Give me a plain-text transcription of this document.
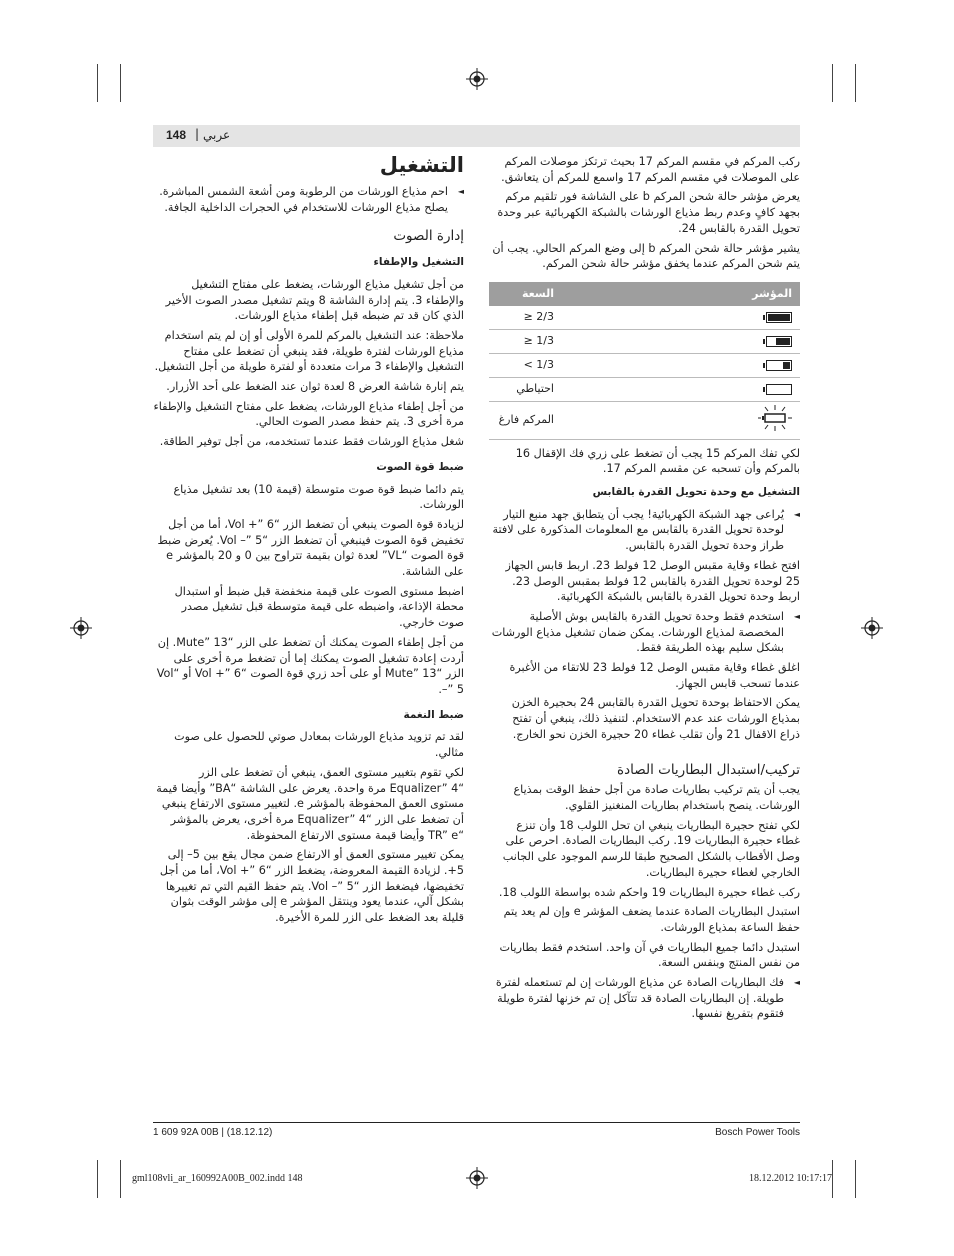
148 | عربي

ركب المركم في مقسم المركم 17 بحيث ترتكز موصلات المركم على الموصلات في مقسم المركم 17 واسمع للمركم أن يتعاشق.

يعرض مؤشر حالة شحن المركم b على الشاشة فور تلقيم مركم بجهد كافٍ وعدم ربط مذياع الورشات بالشبكة الكهربائية عبر وحدة تحويل القدرة بالقابس 24.

يشير مؤشر حالة شحن المركم b إلى وضع المركم الحالي. يجب أن يتم شحن المركم عندما يخفق مؤشر حالة شحن المركم.

المؤشر	السعة

	2/3 ≤

	1/3 ≤

	1/3 >
	احتياطي
	المركم فارغ

لكي تفك المركم 15 يجب أن تضغط على زري فك الإقفال 16 بالمركم وأن تسحبه عن مقسم المركم 17.

التشغيل مع وحدة تحويل القدرة بالقابس

◄ يُراعى جهد الشبكة الكهربائية! يجب أن يتطابق جهد منبع التيار لوحدة تحويل القدرة بالقابس مع المعلومات المذكورة على لافتة طراز وحدة تحويل القدرة بالقابس.

افتح غطاء وقاية مقبس الوصل 12 فولط 23. اربط قابس الجهاز 25 لوحدة تحويل القدرة بالقابس 12 فولط بمقبس الوصل 23. اربط وحدة تحويل القدرة بالقابس بالشبكة الكهربائية.

◄ استخدم فقط وحدة تحويل القدرة بالقابس بوش الأصلية المخصصة لمذياع الورشات. يمكن ضمان تشغيل مذياع الورشات بشكل سليم بهذه الطريقة فقط.

اغلق غطاء وقاية مقبس الوصل 12 فولط 23 للاتقاء من الأغبرة عندما تسحب قابس الجهاز.

يمكن الاحتفاظ بوحدة تحويل القدرة بالقابس 24 بحجيرة الخزن بمذياع الورشات عند عدم الاستخدام. لتنفيذ ذلك، ينبغي أن تفتح ذراع الاقفال 21 وأن تقلب غطاء 20 حجيرة الخزن نحو الخارج.

تركيب/استبدال البطاريات الصادة

يجب أن يتم تركيب بطاريات صادة من أجل حفظ الوقت بمذياع الورشات. ينصح باستخدام بطاريات المنغنيز القلوي.

لكي تفتح حجيرة البطاريات ينبغي ان تحل اللولب 18 وأن تنزع غطاء حجيرة البطاريات 19. ركب البطاريات الصادة. احرص على وصل الأقطاب بالشكل الصحيح طبقا للرسم الموجود على الجانب الخارجي لغطاء حجيرة البطاريات.

ركب غطاء حجيرة البطاريات 19 واحكم شده بواسطة اللولب 18.

استبدل البطاريات الصادة عندما يضعف المؤشر e وإن لم يعد يتم حفظ الساعة بمذياع الورشات.

استبدل دائما جميع البطاريات في آن واحد. استخدم فقط بطاريات من نفس المنتج وبنفس السعة.

◄ فك البطاريات الصادة عن مذياع الورشات إن لم تستعمله لفترة طويلة. إن البطاريات الصادة قد تتآكل إن تم خزنها لفترة طويلة فتقوم بتفريغ نفسها.

التشغيل

◄ احم مذياع الورشات من الرطوبة ومن أشعة الشمس المباشرة. يصلح مذياع الورشات للاستخدام في الحجرات الداخلية الجافة.

إدارة الصوت
التشغيل والإطفاء

من أجل تشغيل مذياع الورشات، يضغط على مفتاح التشغيل والإطفاء 3. يتم إدارة الشاشة 8 ويتم تشغيل مصدر الصوت الأخير الذي كان قد تم ضبطه قبل إطفاء مذياع الورشات.

ملاحظة: عند التشغيل بالمركم للمرة الأولى أو إن لم يتم استخدام مذياع الورشات لفترة طويلة، فقد ينبغي أن تضغط على مفتاح التشغيل والإطفاء 3 مرات متعددة أو لفترة طويلة من أجل التشغيل.

يتم إنارة شاشة العرض 8 لعدة ثوان عند الضغط على أحد الأزرار.

من أجل إطفاء مذياع الورشات، يضغط على مفتاح التشغيل والإطفاء مرة أخرى 3. يتم حفظ مصدر الصوت الحالي.

شغل مذياع الورشات فقط عندما تستخدمه، من أجل توفير الطاقة.

ضبط قوة الصوت

يتم دائما ضبط قوة صوت متوسطة (قيمة 10) بعد تشغيل مذياع الورشات.

لزيادة قوة الصوت ينبغي أن تضغط الزر “Vol +” 6، أما من أجل تخفيض قوة الصوت فينبغي أن تضغط الزر “Vol –” 5. يُعرض ضبط قوة الصوت “VL” لعدة ثوان بقيمة تتراوح بين 0 و 20 بالمؤشر e على الشاشة.

اضبط مستوى الصوت على قيمة منخفضة قبل ضبط أو استبدال محطة الإذاعة، واضبطه على قيمة متوسطة قبل تشغيل مصدر صوت خارجي.

من أجل إطفاء الصوت يمكنك أن تضغط على الزر “Mute” 13. إن أردت إعادة تشغيل الصوت يمكنك إما أن تضغط مرة أخرى على الزر “Mute” 13 أو على أحد زري قوة الصوت “Vol +” 6 أو “Vol –” 5.

ضبط النغمة

لقد تم تزويد مذياع الورشات بمعادل صوتي للحصول على صوت مثالي.

لكي تقوم بتغيير مستوى العمق، ينبغي أن تضغط على الزر “Equalizer” 4 مرة واحدة. يعرض على الشاشة “BA” وأيضا قيمة مستوى العمق المحفوظة بالمؤشر e. لتغيير مستوى الارتفاع ينبغي أن تضغط على الزر “Equalizer” 4 مرة أخرى، يعرض بالمؤشر “TR” e وأيضا قيمة مستوى الارتفاع المحفوظة.

يمكن تغيير مستوى العمق أو الارتفاع ضمن مجال يقع بين 5– إلى 5+. لزيادة القيمة المعروضة، يضغط الزر “Vol +” 6، أما من أجل تخفيضها، فيضغط الزر “Vol –” 5. يتم حفظ القيم التي تم تغييرها بشكل آلي، عندما يعود وينتقل المؤشر e إلى مؤشر الوقت بثوان قليلة بعد الضغط على الزر للمرة الأخيرة.

1 609 92A 00B | (18.12.12)	Bosch Power Tools
gml108vli_ar_160992A00B_002.indd 148	18.12.2012 10:17:17
